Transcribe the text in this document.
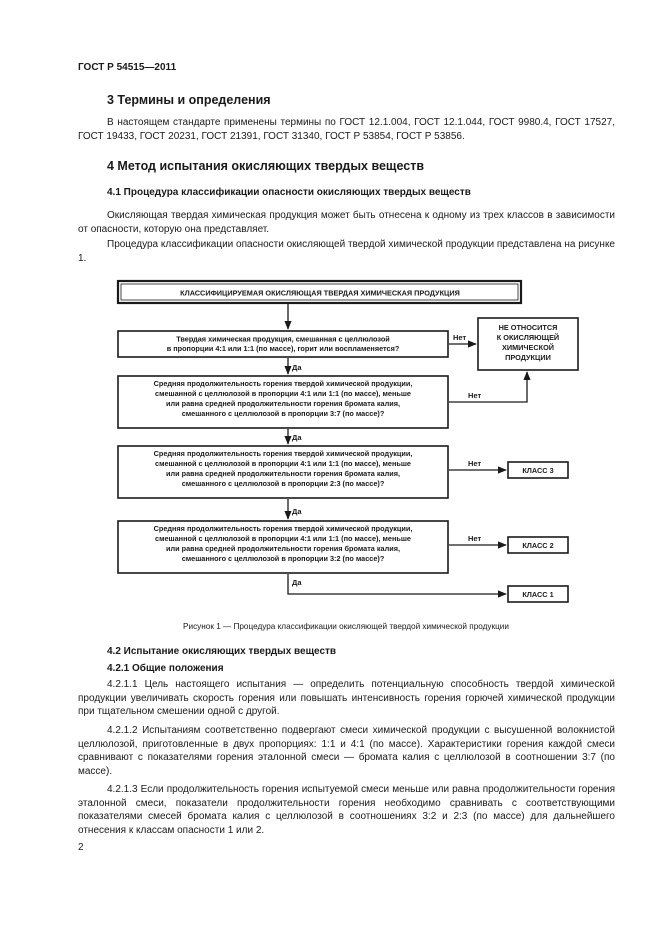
ГОСТ Р 54515—2011
3 Термины и определения

В настоящем стандарте применены термины по ГОСТ 12.1.004, ГОСТ 12.1.044, ГОСТ 9980.4, ГОСТ 17527, ГОСТ 19433, ГОСТ 20231, ГОСТ 21391, ГОСТ 31340, ГОСТ Р 53854, ГОСТ Р 53856.

4 Метод испытания окисляющих твердых веществ
4.1 Процедура классификации опасности окисляющих твердых веществ

Окисляющая твердая химическая продукция может быть отнесена к одному из трех классов в зависимости от опасности, которую она представляет.

Процедура классификации опасности окисляющей твердой химической продукции представлена на рисунке 1.

КЛАССИФИЦИРУЕМАЯ ОКИСЛЯЮЩАЯ ТВЕРДАЯ ХИМИЧЕСКАЯ ПРОДУКЦИЯ
Твердая химическая продукция, смешанная с целлюлозой
в пропорции 4:1 или 1:1 (по массе), горит или воспламеняется?
Средняя продолжительность горения твердой химической продукции,
смешанной с целлюлозой в пропорции 4:1 или 1:1 (по массе), меньше
или равна средней продолжительности горения бромата калия,
смешанного с целлюлозой в пропорции 3:7 (по массе)?
Средняя продолжительность горения твердой химической продукции,
смешанной с целлюлозой в пропорции 4:1 или 1:1 (по массе), меньше
или равна средней продолжительности горения бромата калия,
смешанного с целлюлозой в пропорции 2:3 (по массе)?
Средняя продолжительность горения твердой химической продукции,
смешанной с целлюлозой в пропорции 4:1 или 1:1 (по массе), меньше
или равна средней продолжительности горения бромата калия,
смешанного с целлюлозой в пропорции 3:2 (по массе)?
НЕ ОТНОСИТСЯ
К ОКИСЛЯЮЩЕЙ
ХИМИЧЕСКОЙ
ПРОДУКЦИИ
КЛАСС 3
КЛАСС 2
КЛАСС 1
Да
Да
Да
Да
Нет
Нет
Нет
Нет
Рисунок 1 — Процедура классификации окисляющей твердой химической продукции
4.2 Испытание окисляющих твердых веществ
4.2.1 Общие положения

4.2.1.1 Цель настоящего испытания — определить потенциальную способность твердой химической продукции увеличивать скорость горения или повышать интенсивность горения горючей химической продукции при тщательном смешении одной с другой.

4.2.1.2 Испытаниям соответственно подвергают смеси химической продукции с высушенной волокнистой целлюлозой, приготовленные в двух пропорциях: 1:1 и 4:1 (по массе). Характеристики горения каждой смеси сравнивают с показателями горения эталонной смеси — бромата калия с целлюлозой в соотношении 3:7 (по массе).

4.2.1.3 Если продолжительность горения испытуемой смеси меньше или равна продолжительности горения эталонной смеси, показатели продолжительности горения необходимо сравнивать с соответствующими показателями смесей бромата калия с целлюлозой в соотношениях 3:2 и 2:3 (по массе) для дальнейшего отнесения к классам опасности 1 или 2.

2
